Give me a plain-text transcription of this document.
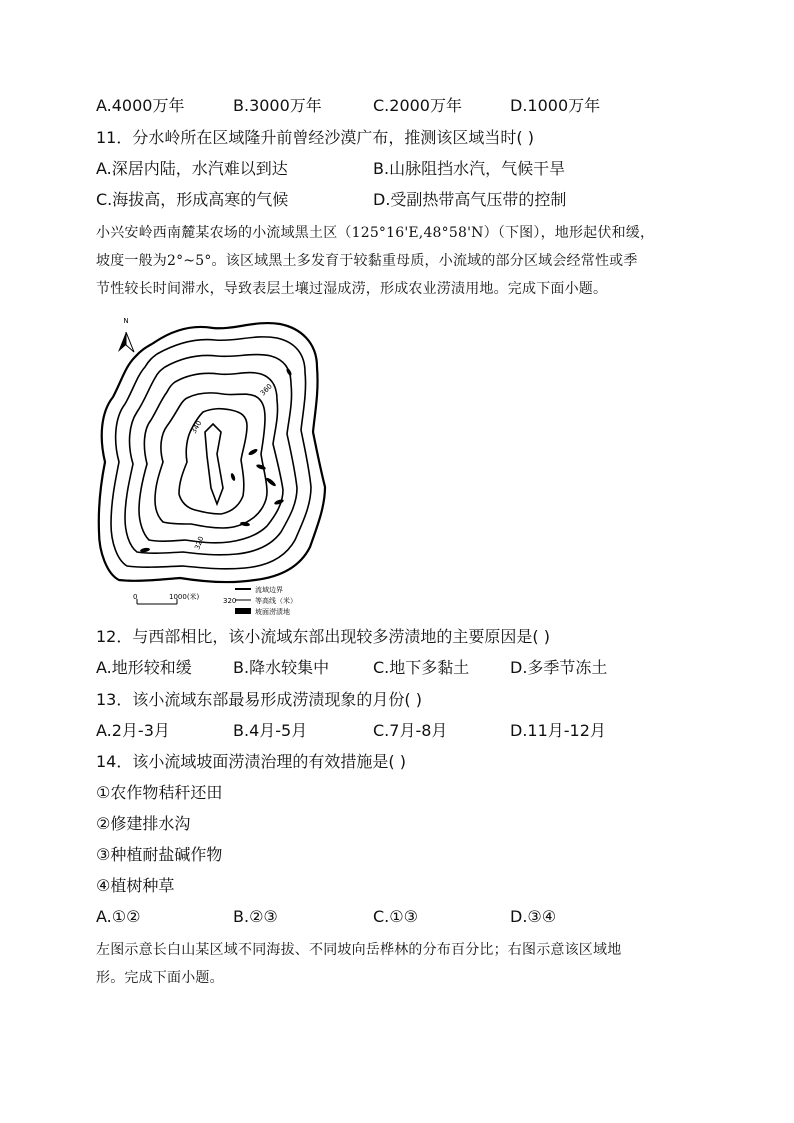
A.4000万年	B.3000万年	C.2000万年	D.1000万年
11．分水岭所在区域隆升前曾经沙漠广布，推测该区域当时( )
A.深居内陆，水汽难以到达	B.山脉阻挡水汽，气候干旱
C.海拔高，形成高寒的气候	D.受副热带高气压带的控制
小兴安岭西南麓某农场的小流域黑土区（125°16'E,48°58'N）（下图），地形起伏和缓，
坡度一般为2°~5°。该区域黑土多发育于较黏重母质，小流域的部分区域会经常性或季
节性较长时间滞水，导致表层土壤过湿成涝，形成农业涝渍用地。完成下面小题。
N
360
340
320
0	1000(米)
流域边界
320	等高线（米）
坡面涝渍地
12．与西部相比，该小流域东部出现较多涝渍地的主要原因是( )
A.地形较和缓	B.降水较集中	C.地下多黏土	D.多季节冻土
13．该小流域东部最易形成涝渍现象的月份( )
A.2月-3月	B.4月-5月	C.7月-8月	D.11月-12月
14．该小流域坡面涝渍治理的有效措施是( )
①农作物秸秆还田
②修建排水沟
③种植耐盐碱作物
④植树种草
A.①②	B.②③	C.①③	D.③④
左图示意长白山某区域不同海拔、不同坡向岳桦林的分布百分比；右图示意该区域地
形。完成下面小题。
